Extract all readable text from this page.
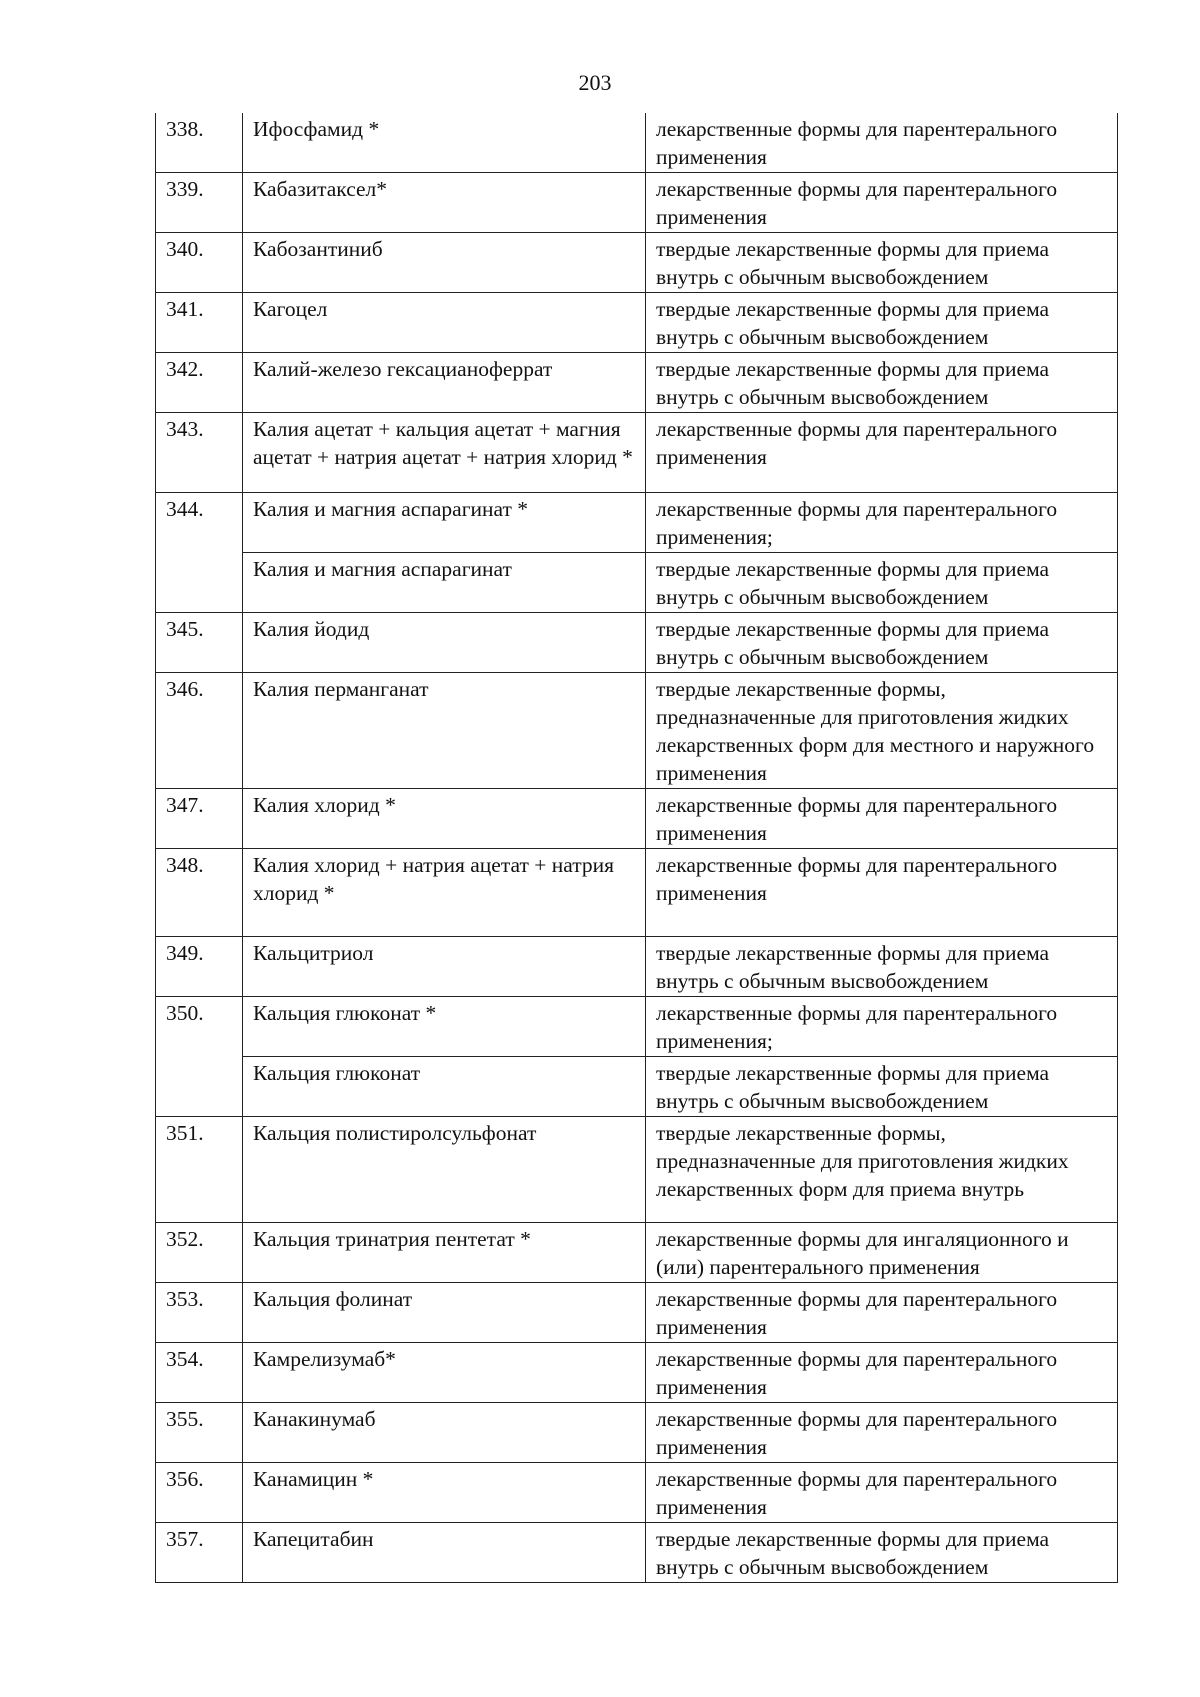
203
338.	Ифосфамид *	лекарственные формы для парентерального применения
339.	Кабазитаксел*	лекарственные формы для парентерального применения
340.	Кабозантиниб	твердые лекарственные формы для приема внутрь с обычным высвобождением
341.	Кагоцел	твердые лекарственные формы для приема внутрь с обычным высвобождением
342.	Калий-железо гексацианоферрат	твердые лекарственные формы для приема внутрь с обычным высвобождением
343.	Калия ацетат + кальция ацетат + магния ацетат + натрия ацетат + натрия хлорид *	лекарственные формы для парентерального применения
344.	Калия и магния аспарагинат *	лекарственные формы для парентерального применения;
	Калия и магния аспарагинат	твердые лекарственные формы для приема внутрь с обычным высвобождением
345.	Калия йодид	твердые лекарственные формы для приема внутрь с обычным высвобождением
346.	Калия перманганат	твердые лекарственные формы, предназначенные для приготовления жидких лекарственных форм для местного и наружного применения
347.	Калия хлорид *	лекарственные формы для парентерального применения
348.	Калия хлорид + натрия ацетат + натрия хлорид *	лекарственные формы для парентерального применения
349.	Кальцитриол	твердые лекарственные формы для приема внутрь с обычным высвобождением
350.	Кальция глюконат *	лекарственные формы для парентерального применения;
	Кальция глюконат	твердые лекарственные формы для приема внутрь с обычным высвобождением
351.	Кальция полистиролсульфонат	твердые лекарственные формы, предназначенные для приготовления жидких лекарственных форм для приема внутрь
352.	Кальция тринатрия пентетат *	лекарственные формы для ингаляционного и (или) парентерального применения
353.	Кальция фолинат	лекарственные формы для парентерального применения
354.	Камрелизумаб*	лекарственные формы для парентерального применения
355.	Канакинумаб	лекарственные формы для парентерального применения
356.	Канамицин *	лекарственные формы для парентерального применения
357.	Капецитабин	твердые лекарственные формы для приема внутрь с обычным высвобождением
